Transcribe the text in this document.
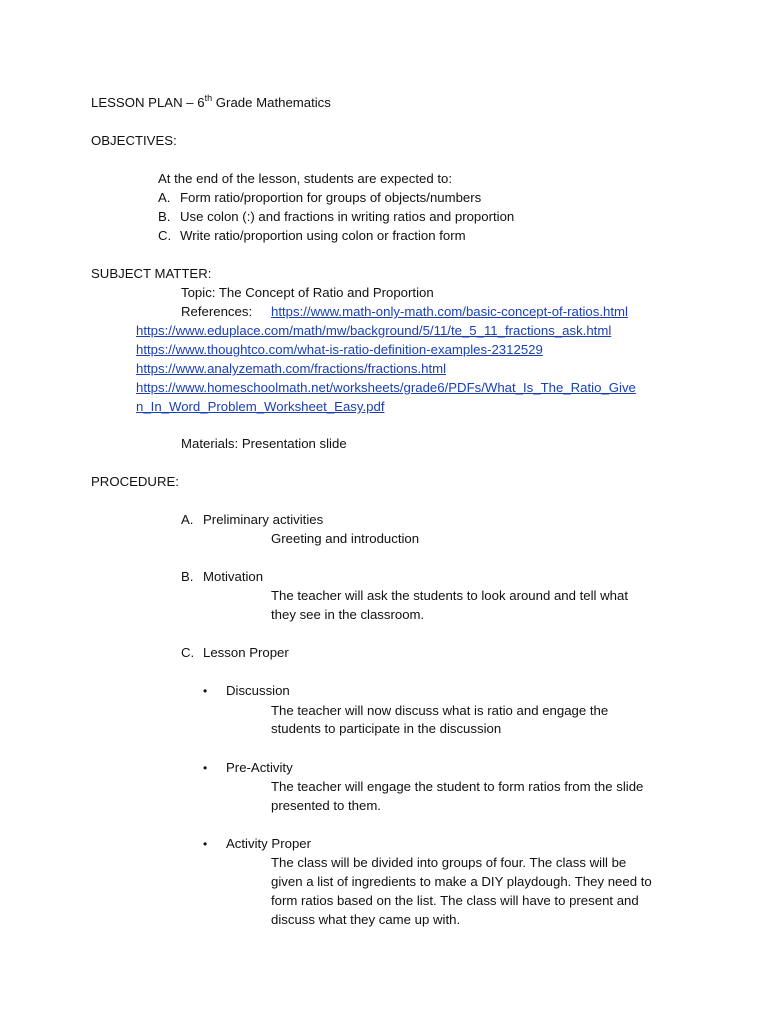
LESSON PLAN – 6th Grade Mathematics
OBJECTIVES:
At the end of the lesson, students are expected to:
A. Form ratio/proportion for groups of objects/numbers
B. Use colon (:) and fractions in writing ratios and proportion
C. Write ratio/proportion using colon or fraction form
SUBJECT MATTER:
Topic: The Concept of Ratio and Proportion
References: https://www.math-only-math.com/basic-concept-of-ratios.html
https://www.eduplace.com/math/mw/background/5/11/te_5_11_fractions_ask.html
https://www.thoughtco.com/what-is-ratio-definition-examples-2312529
https://www.analyzemath.com/fractions/fractions.html
https://www.homeschoolmath.net/worksheets/grade6/PDFs/What_Is_The_Ratio_Give
n_In_Word_Problem_Worksheet_Easy.pdf
Materials: Presentation slide
PROCEDURE:
A. Preliminary activities
Greeting and introduction
B. Motivation
The teacher will ask the students to look around and tell what
they see in the classroom.
C. Lesson Proper
• Discussion
The teacher will now discuss what is ratio and engage the
students to participate in the discussion
• Pre-Activity
The teacher will engage the student to form ratios from the slide
presented to them.
• Activity Proper
The class will be divided into groups of four. The class will be
given a list of ingredients to make a DIY playdough. They need to
form ratios based on the list. The class will have to present and
discuss what they came up with.
